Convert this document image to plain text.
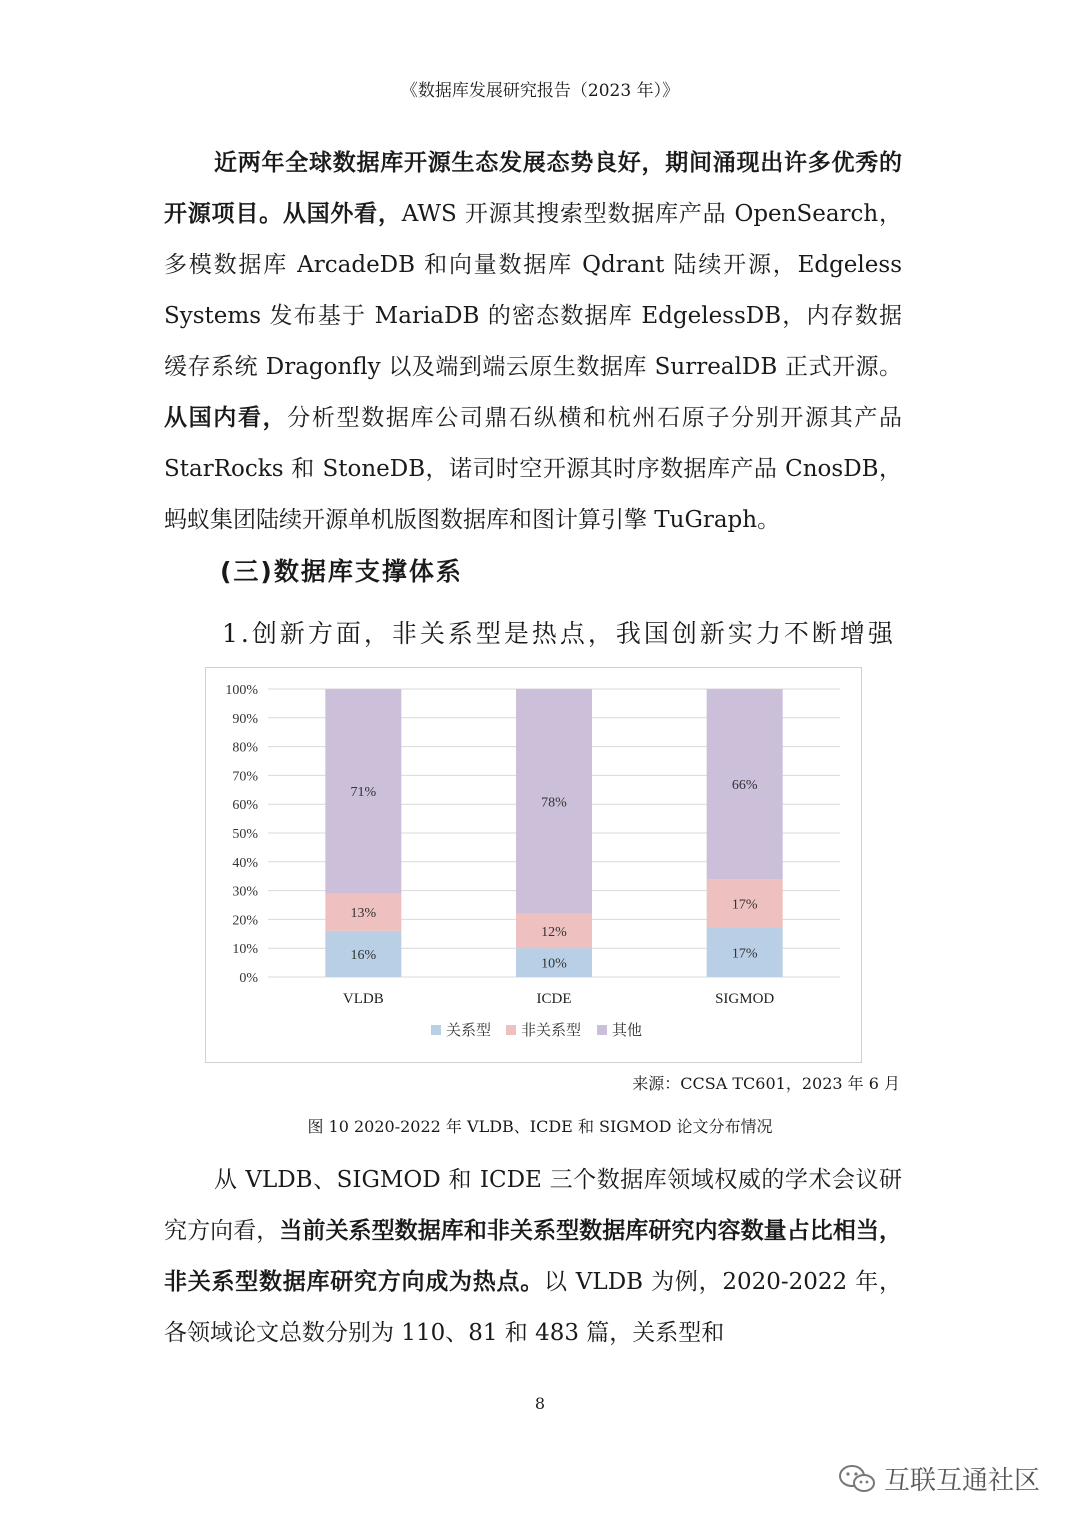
《数据库发展研究报告（2023 年）》
近两年全球数据库开源生态发展态势良好，期间涌现出许多优秀的开源项目。从国外看，AWS 开源其搜索型数据库产品 OpenSearch，多模数据库 ArcadeDB 和向量数据库 Qdrant 陆续开源，Edgeless Systems 发布基于 MariaDB 的密态数据库 EdgelessDB，内存数据缓存系统 Dragonfly 以及端到端云原生数据库 SurrealDB 正式开源。从国内看，分析型数据库公司鼎石纵横和杭州石原子分别开源其产品 StarRocks 和 StoneDB，诺司时空开源其时序数据库产品 CnosDB，蚂蚁集团陆续开源单机版图数据库和图计算引擎 TuGraph。
(三)数据库支撑体系
1.创新方面，非关系型是热点，我国创新实力不断增强
0%
10%
20%
30%
40%
50%
60%
70%
80%
90%
100%
16%
13%
71%
VLDB
10%
12%
78%
ICDE
17%
17%
66%
SIGMOD
关系型 非关系型 其他
来源：CCSA TC601，2023 年 6 月
图 10 2020-2022 年 VLDB、ICDE 和 SIGMOD 论文分布情况
从 VLDB、SIGMOD 和 ICDE 三个数据库领域权威的学术会议研究方向看，当前关系型数据库和非关系型数据库研究内容数量占比相当，非关系型数据库研究方向成为热点。以 VLDB 为例，2020-2022 年，各领域论文总数分别为 110、81 和 483 篇，关系型和
8
互联互通社区
